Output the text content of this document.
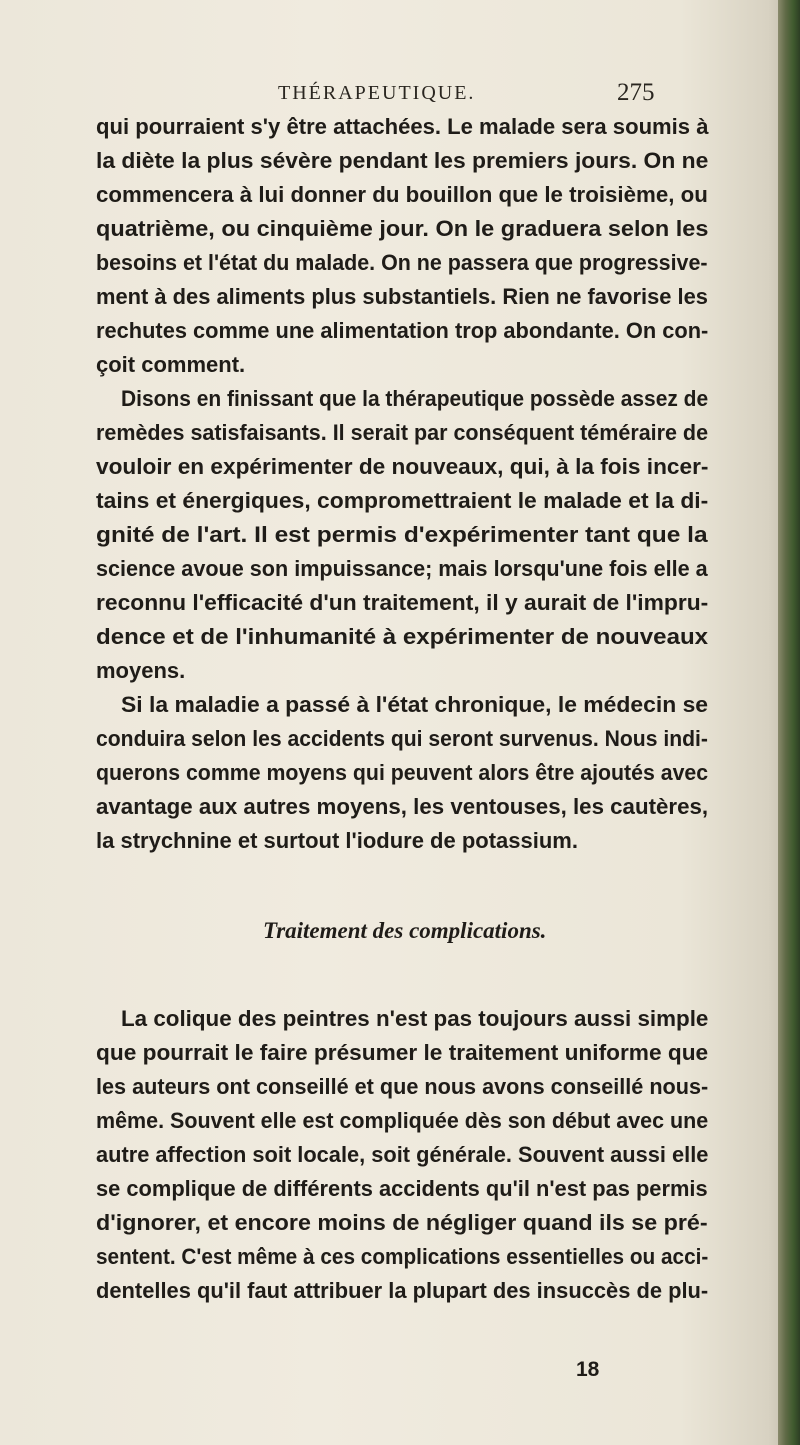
THÉRAPEUTIQUE.	275
qui pourraient s'y être attachées. Le malade sera soumis à
la diète la plus sévère pendant les premiers jours. On ne
commencera à lui donner du bouillon que le troisième, ou
quatrième, ou cinquième jour. On le graduera selon les
besoins et l'état du malade. On ne passera que progressive-
ment à des aliments plus substantiels. Rien ne favorise les
rechutes comme une alimentation trop abondante. On con-
çoit comment.
Disons en finissant que la thérapeutique possède assez de
remèdes satisfaisants. Il serait par conséquent téméraire de
vouloir en expérimenter de nouveaux, qui, à la fois incer-
tains et énergiques, compromettraient le malade et la di-
gnité de l'art. Il est permis d'expérimenter tant que la
science avoue son impuissance; mais lorsqu'une fois elle a
reconnu l'efficacité d'un traitement, il y aurait de l'impru-
dence et de l'inhumanité à expérimenter de nouveaux
moyens.
Si la maladie a passé à l'état chronique, le médecin se
conduira selon les accidents qui seront survenus. Nous indi-
querons comme moyens qui peuvent alors être ajoutés avec
avantage aux autres moyens, les ventouses, les cautères,
la strychnine et surtout l'iodure de potassium.
Traitement des complications.
La colique des peintres n'est pas toujours aussi simple
que pourrait le faire présumer le traitement uniforme que
les auteurs ont conseillé et que nous avons conseillé nous-
même. Souvent elle est compliquée dès son début avec une
autre affection soit locale, soit générale. Souvent aussi elle
se complique de différents accidents qu'il n'est pas permis
d'ignorer, et encore moins de négliger quand ils se pré-
sentent. C'est même à ces complications essentielles ou acci-
dentelles qu'il faut attribuer la plupart des insuccès de plu-
18
